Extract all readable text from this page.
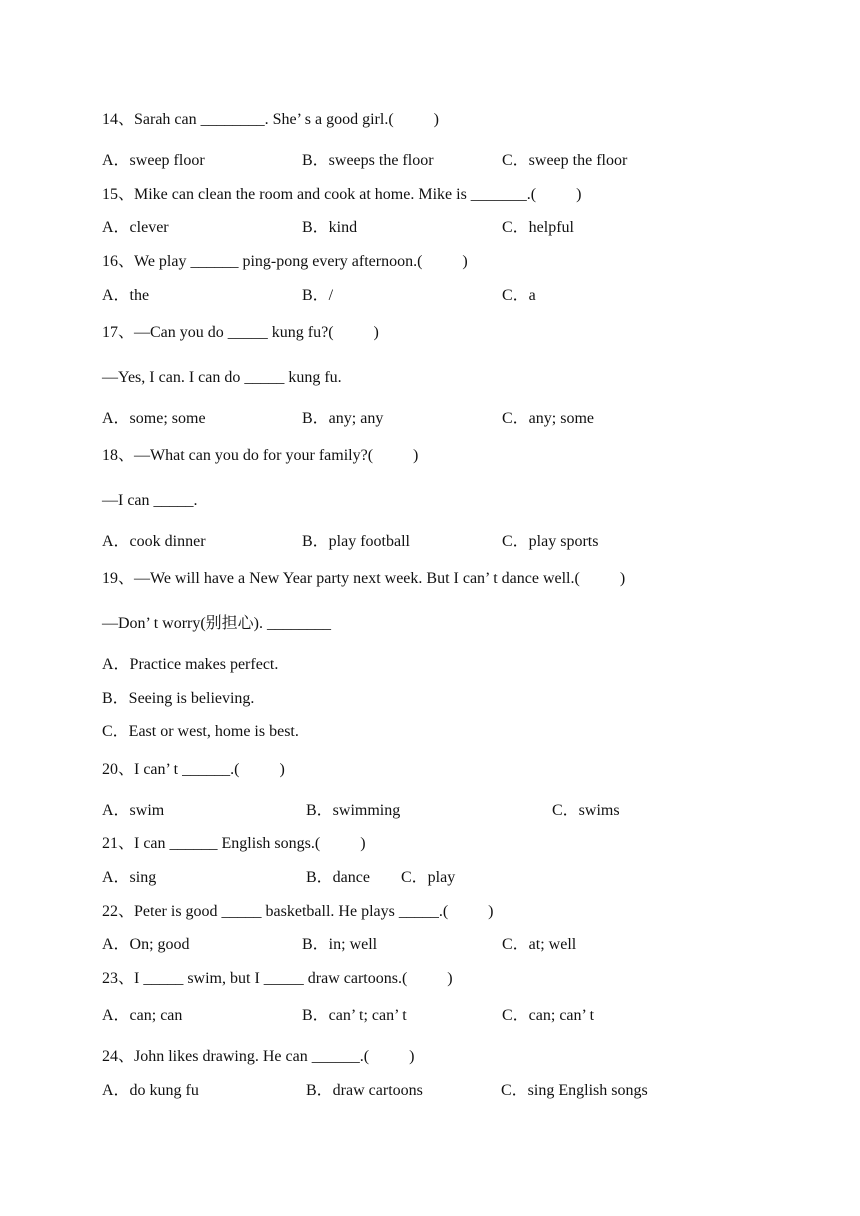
14、Sarah can ________. She’ s a good girl.(          )
A．sweep floor	B．sweeps the floor	C．sweep the floor
15、Mike can clean the room and cook at home. Mike is _______.(          )
A．clever	B．kind	C．helpful
16、We play ______ ping-pong every afternoon.(          )
A．the	B．/	C．a
17、—Can you do _____ kung fu?(          )
—Yes, I can. I can do _____ kung fu.
A．some; some	B．any; any	C．any; some
18、—What can you do for your family?(          )
—I can _____.
A．cook dinner	B．play football	C．play sports
19、—We will have a New Year party next week. But I can’ t dance well.(          )
—Don’ t worry(别担心). ________
A．Practice makes perfect.
B．Seeing is believing.
C．East or west, home is best.
20、I can’ t ______.(          )
A．swim	B．swimming	C．swims
21、I can ______ English songs.(          )
A．sing	B．dance C．play
22、Peter is good _____ basketball. He plays _____.(          )
A．On; good	B．in; well	C．at; well
23、I _____ swim, but I _____ draw cartoons.(          )
A．can; can	B．can’ t; can’ t	C．can; can’ t
24、John likes drawing. He can ______.(          )
A．do kung fu	B．draw cartoons	C．sing English songs
